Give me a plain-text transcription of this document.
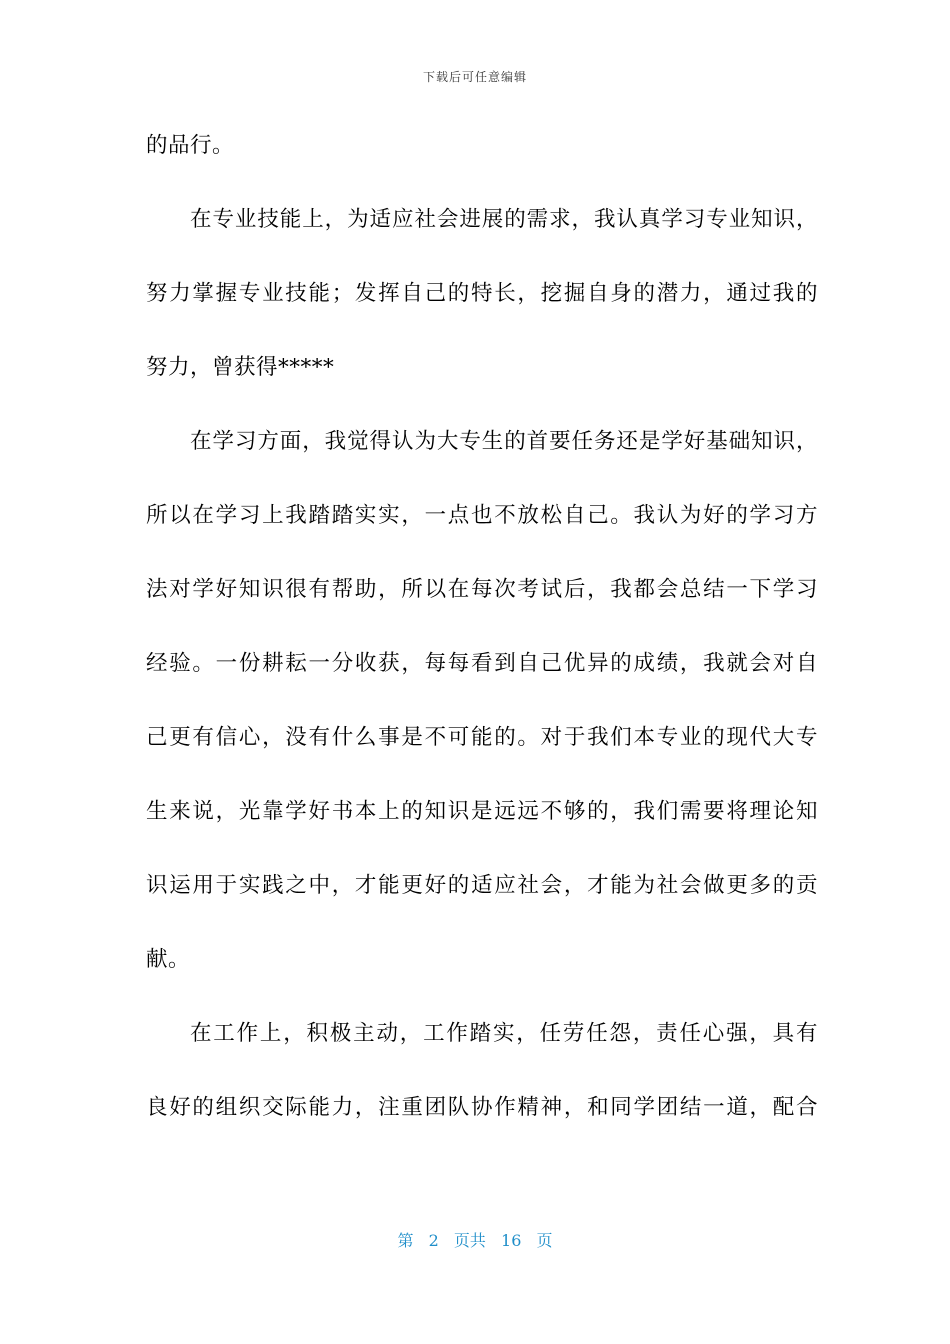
下载后可任意编辑
的品行。
在专业技能上，为适应社会进展的需求，我认真学习专业知识，
努力掌握专业技能；发挥自己的特长，挖掘自身的潜力，通过我的
努力，曾获得*****
在学习方面，我觉得认为大专生的首要任务还是学好基础知识，
所以在学习上我踏踏实实，一点也不放松自己。我认为好的学习方
法对学好知识很有帮助，所以在每次考试后，我都会总结一下学习
经验。一份耕耘一分收获，每每看到自己优异的成绩，我就会对自
己更有信心，没有什么事是不可能的。对于我们本专业的现代大专
生来说，光靠学好书本上的知识是远远不够的，我们需要将理论知
识运用于实践之中，才能更好的适应社会，才能为社会做更多的贡
献。
在工作上，积极主动，工作踏实，任劳任怨，责任心强，具有
良好的组织交际能力，注重团队协作精神，和同学团结一道，配合
第 2 页共 16 页
